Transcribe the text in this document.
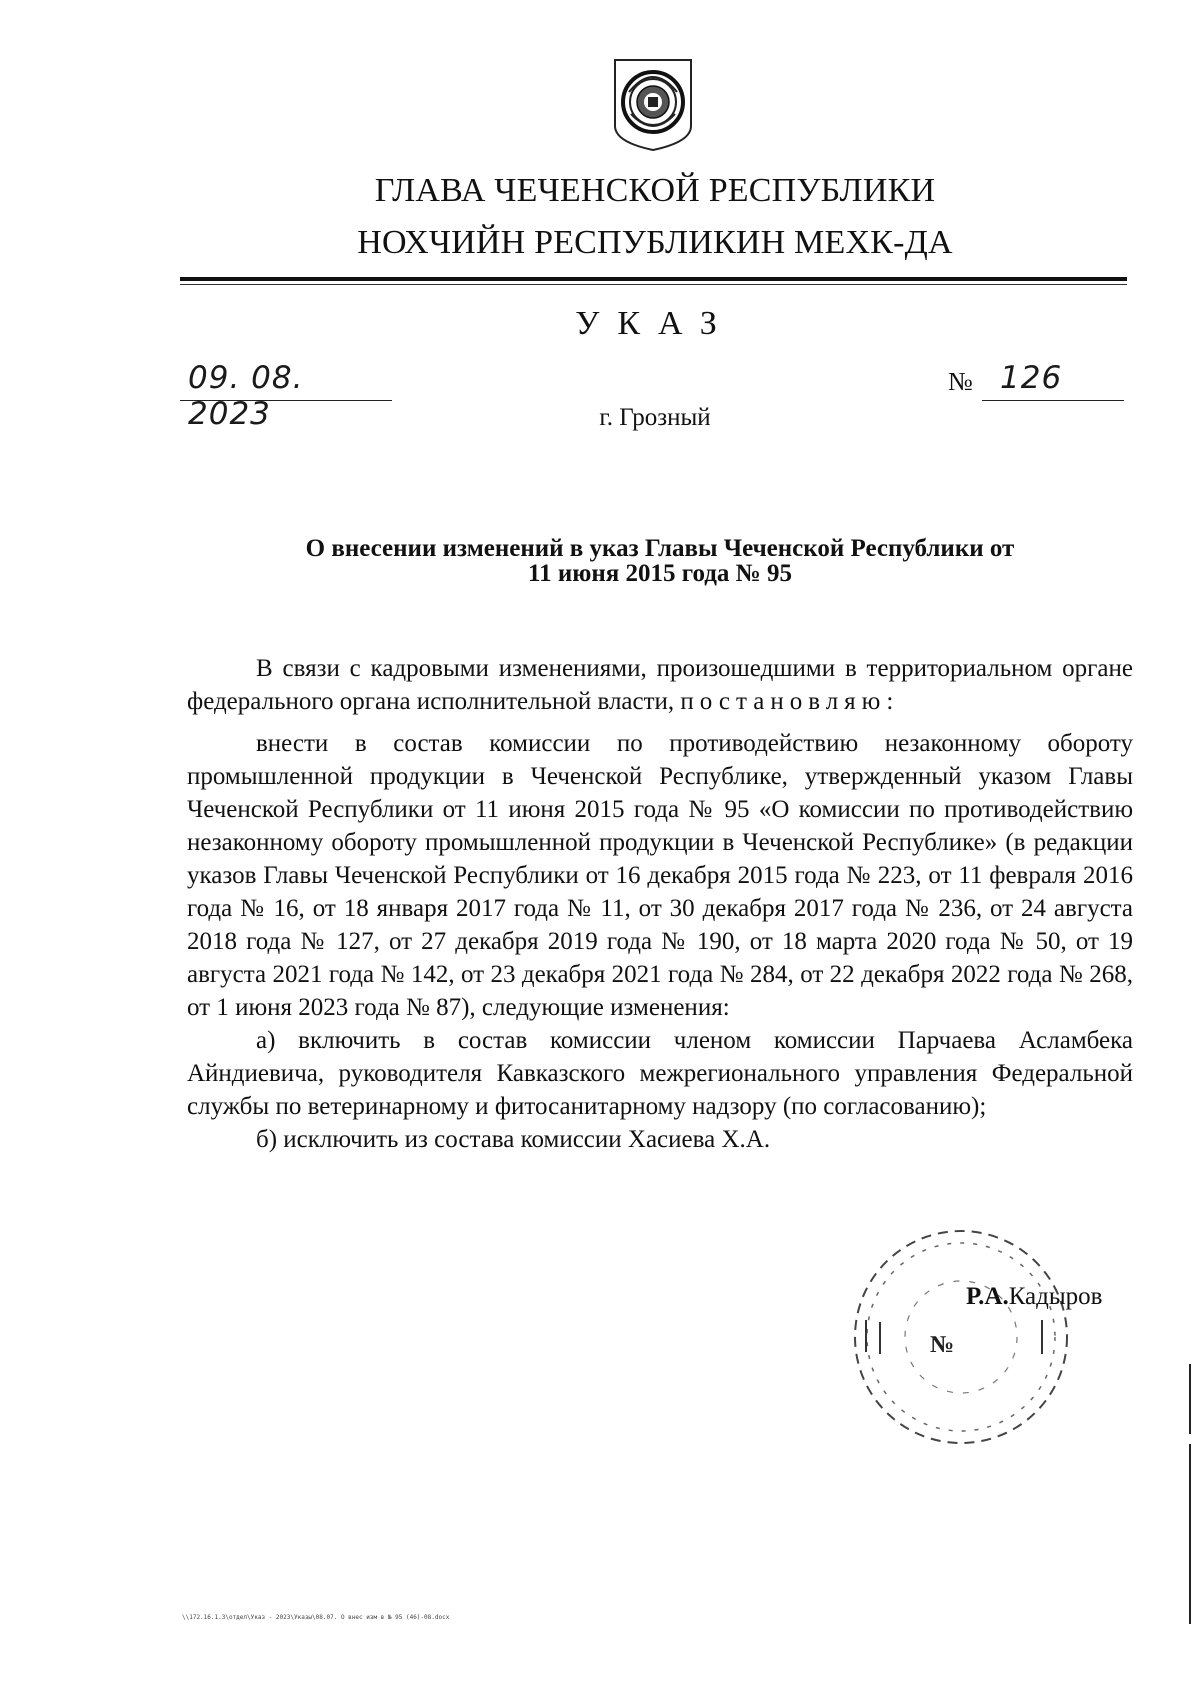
ГЛАВА ЧЕЧЕНСКОЙ РЕСПУБЛИКИ
НОХЧИЙН РЕСПУБЛИКИН МЕХК-ДА
УКАЗ
09. 08. 2023
№ 126
г. Грозный
О внесении изменений в указ Главы Чеченской Республики от 11 июня 2015 года № 95

В связи с кадровыми изменениями, произошедшими в территориальном органе федерального органа исполнительной власти, постановляю:

внести в состав комиссии по противодействию незаконному обороту промышленной продукции в Чеченской Республике, утвержденный указом Главы Чеченской Республики от 11 июня 2015 года № 95 «О комиссии по противодействию незаконному обороту промышленной продукции в Чеченской Республике» (в редакции указов Главы Чеченской Республики от 16 декабря 2015 года № 223, от 11 февраля 2016 года № 16, от 18 января 2017 года № 11, от 30 декабря 2017 года № 236, от 24 августа 2018 года № 127, от 27 декабря 2019 года № 190, от 18 марта 2020 года № 50, от 19 августа 2021 года № 142, от 23 декабря 2021 года № 284, от 22 декабря 2022 года № 268, от 1 июня 2023 года № 87), следующие изменения:

а) включить в состав комиссии членом комиссии Парчаева Асламбека Айндиевича, руководителя Кавказского межрегионального управления Федеральной службы по ветеринарному и фитосанитарному надзору (по согласованию);

б) исключить из состава комиссии Хасиева Х.А.

№
Р.А.Кадыров
\\172.16.1.3\отдел\Указ - 2023\Указы\08.07. О внес изм в № 95 (46)-08.docx
